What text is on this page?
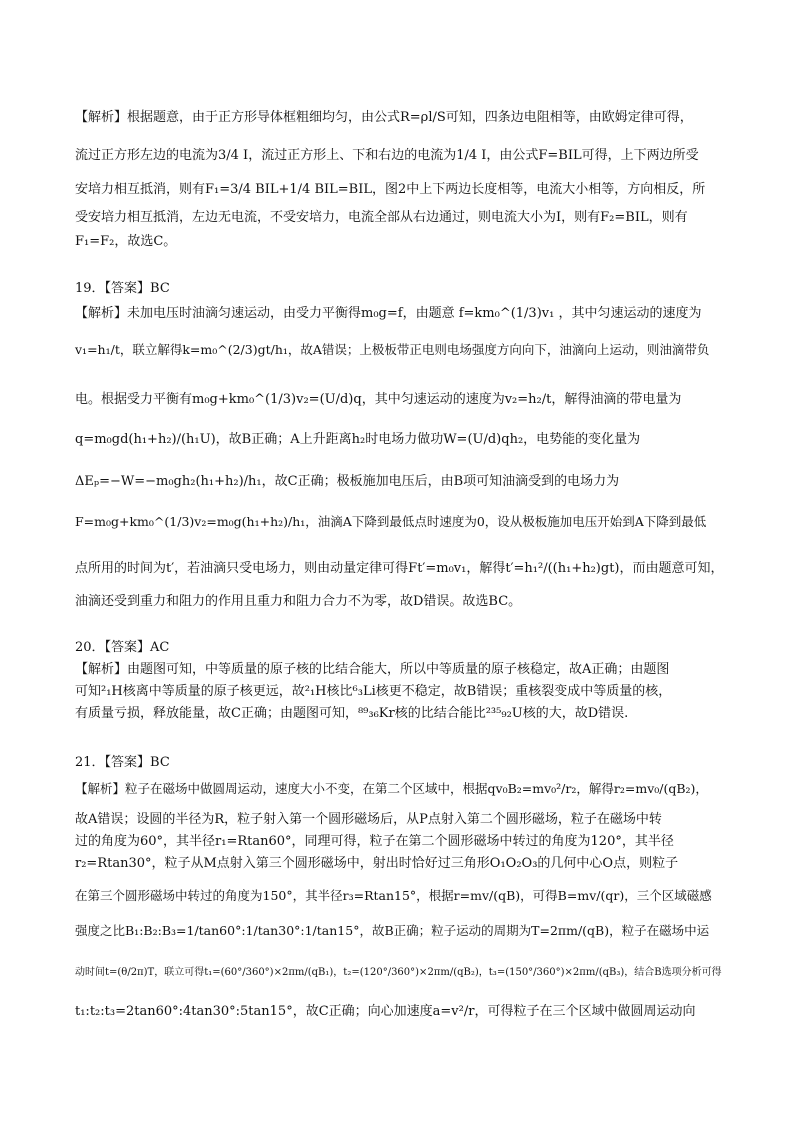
【解析】根据题意，由于正方形导体框粗细均匀，由公式R=ρl/S可知，四条边电阻相等，由欧姆定律可得，
流过正方形左边的电流为3/4 I，流过正方形上、下和右边的电流为1/4 I，由公式F=BIL可得，上下两边所受
安培力相互抵消，则有F₁=3/4 BIL+1/4 BIL=BIL，图2中上下两边长度相等，电流大小相等，方向相反，所
受安培力相互抵消，左边无电流，不受安培力，电流全部从右边通过，则电流大小为I，则有F₂=BIL，则有
F₁=F₂，故选C。
19．【答案】BC
【解析】未加电压时油滴匀速运动，由受力平衡得m₀g=f，由题意 f=km₀^(1/3)v₁ ，其中匀速运动的速度为
v₁=h₁/t，联立解得k=m₀^(2/3)gt/h₁，故A错误；上极板带正电则电场强度方向向下，油滴向上运动，则油滴带负
电。根据受力平衡有m₀g+km₀^(1/3)v₂=(U/d)q，其中匀速运动的速度为v₂=h₂/t，解得油滴的带电量为
q=m₀gd(h₁+h₂)/(h₁U)，故B正确；A上升距离h₂时电场力做功W=(U/d)qh₂，电势能的变化量为
ΔEₚ=−W=−m₀gh₂(h₁+h₂)/h₁，故C正确；极板施加电压后，由B项可知油滴受到的电场力为
F=m₀g+km₀^(1/3)v₂=m₀g(h₁+h₂)/h₁，油滴A下降到最低点时速度为0，设从极板施加电压开始到A下降到最低
点所用的时间为t′，若油滴只受电场力，则由动量定律可得Ft′=m₀v₁，解得t′=h₁²/((h₁+h₂)gt)，而由题意可知，
油滴还受到重力和阻力的作用且重力和阻力合力不为零，故D错误。故选BC。
20．【答案】AC
【解析】由题图可知，中等质量的原子核的比结合能大，所以中等质量的原子核稳定，故A正确；由题图
可知²₁H核离中等质量的原子核更远，故²₁H核比⁶₃Li核更不稳定，故B错误；重核裂变成中等质量的核，
有质量亏损，释放能量，故C正确；由题图可知，⁸⁹₃₆Kr核的比结合能比²³⁵₉₂U核的大，故D错误.
21．【答案】BC
【解析】粒子在磁场中做圆周运动，速度大小不变，在第二个区域中，根据qv₀B₂=mv₀²/r₂，解得r₂=mv₀/(qB₂)，
故A错误；设圆的半径为R，粒子射入第一个圆形磁场后，从P点射入第二个圆形磁场，粒子在磁场中转
过的角度为60°，其半径r₁=Rtan60°，同理可得，粒子在第二个圆形磁场中转过的角度为120°，其半径
r₂=Rtan30°，粒子从M点射入第三个圆形磁场中，射出时恰好过三角形O₁O₂O₃的几何中心O点，则粒子
在第三个圆形磁场中转过的角度为150°，其半径r₃=Rtan15°，根据r=mv/(qB)，可得B=mv/(qr)，三个区域磁感
强度之比B₁:B₂:B₃=1/tan60°:1/tan30°:1/tan15°，故B正确；粒子运动的周期为T=2πm/(qB)，粒子在磁场中运
动时间t=(θ/2π)T，联立可得t₁=(60°/360°)×2πm/(qB₁)，t₂=(120°/360°)×2πm/(qB₂)，t₃=(150°/360°)×2πm/(qB₃)，结合B选项分析可得
t₁:t₂:t₃=2tan60°:4tan30°:5tan15°，故C正确；向心加速度a=v²/r，可得粒子在三个区域中做圆周运动向
